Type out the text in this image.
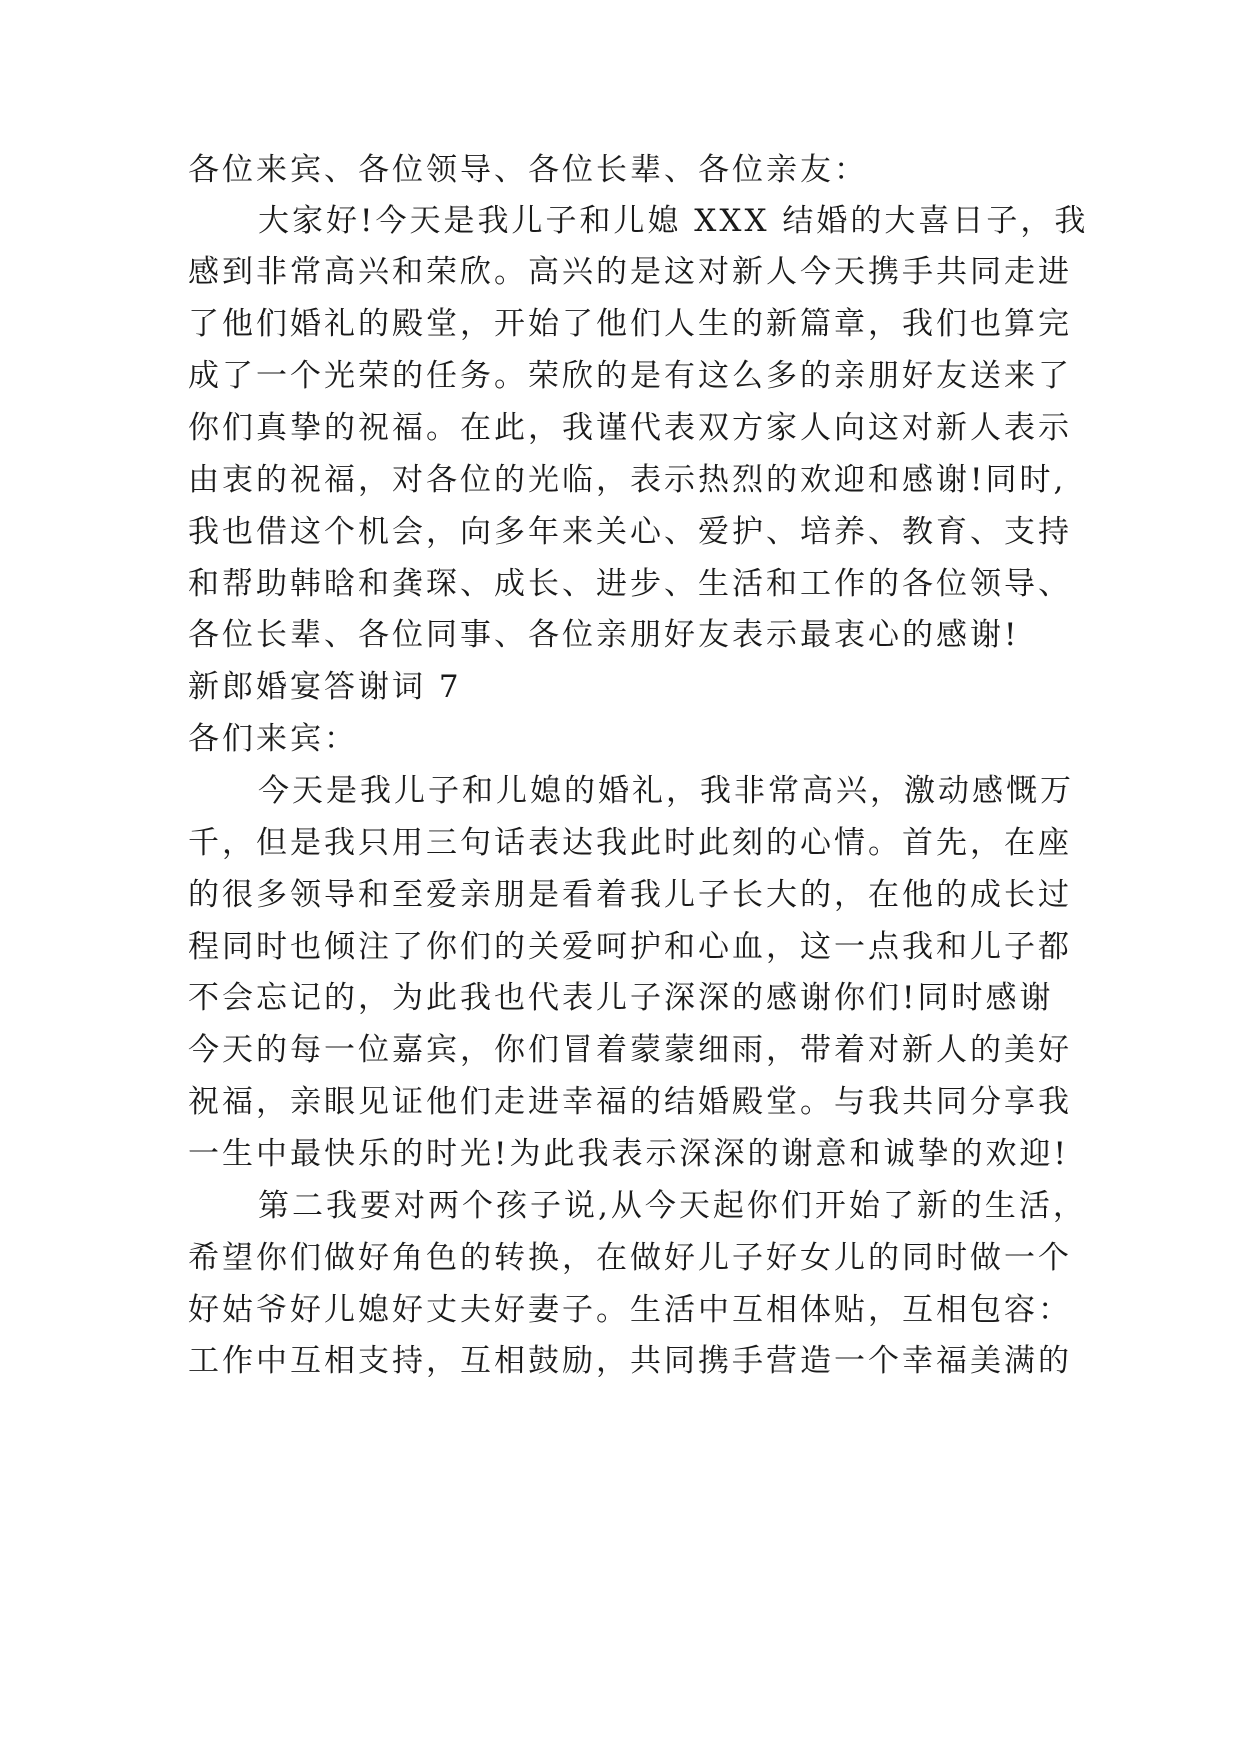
各位来宾、各位领导、各位长辈、各位亲友：
大家好!今天是我儿子和儿媳 XXX 结婚的大喜日子，我
感到非常高兴和荣欣。高兴的是这对新人今天携手共同走进
了他们婚礼的殿堂，开始了他们人生的新篇章，我们也算完
成了一个光荣的任务。荣欣的是有这么多的亲朋好友送来了
你们真挚的祝福。在此，我谨代表双方家人向这对新人表示
由衷的祝福，对各位的光临，表示热烈的欢迎和感谢!同时,
我也借这个机会，向多年来关心、爱护、培养、教育、支持
和帮助韩晗和龚琛、成长、进步、生活和工作的各位领导、
各位长辈、各位同事、各位亲朋好友表示最衷心的感谢!
新郎婚宴答谢词 7
各们来宾：
今天是我儿子和儿媳的婚礼，我非常高兴，激动感慨万
千，但是我只用三句话表达我此时此刻的心情。首先，在座
的很多领导和至爱亲朋是看着我儿子长大的，在他的成长过
程同时也倾注了你们的关爱呵护和心血，这一点我和儿子都
不会忘记的，为此我也代表儿子深深的感谢你们!同时感谢
今天的每一位嘉宾，你们冒着蒙蒙细雨，带着对新人的美好
祝福，亲眼见证他们走进幸福的结婚殿堂。与我共同分享我
一生中最快乐的时光!为此我表示深深的谢意和诚挚的欢迎!
第二我要对两个孩子说,从今天起你们开始了新的生活，
希望你们做好角色的转换，在做好儿子好女儿的同时做一个
好姑爷好儿媳好丈夫好妻子。生活中互相体贴，互相包容：
工作中互相支持，互相鼓励，共同携手营造一个幸福美满的
